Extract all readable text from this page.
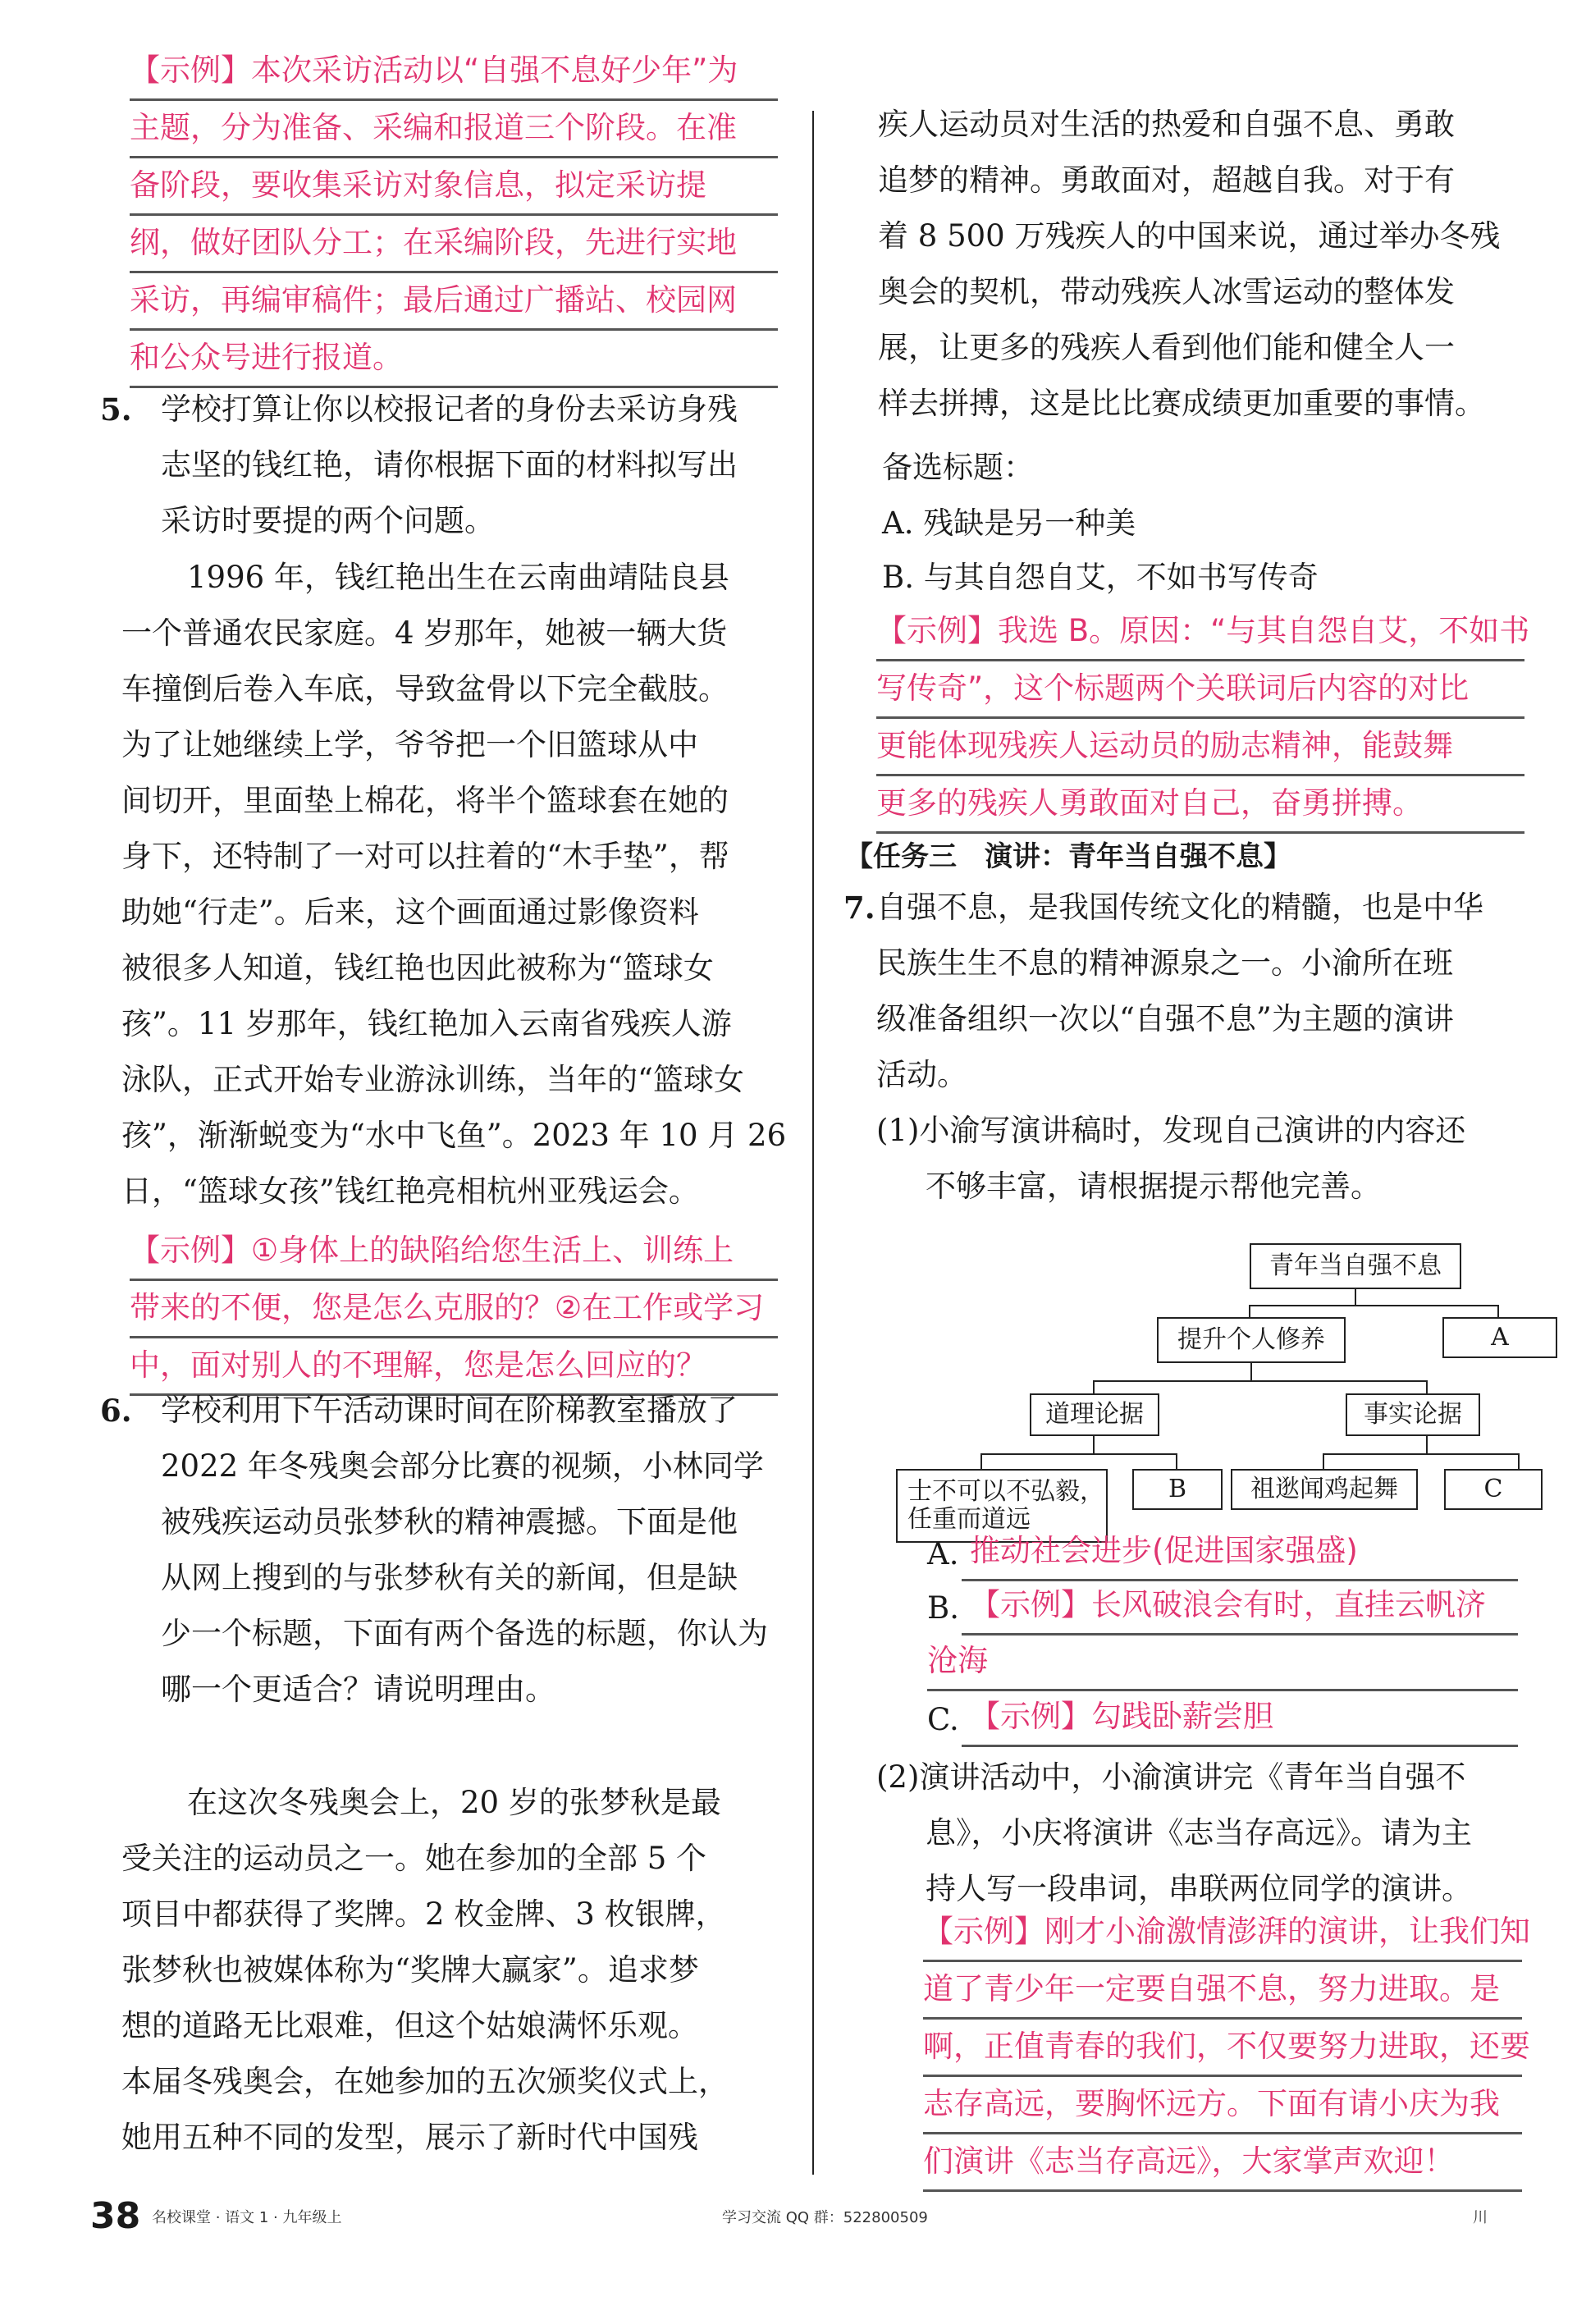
【示例】本次采访活动以“自强不息好少年”为
主题，分为准备、采编和报道三个阶段。在准
备阶段，要收集采访对象信息，拟定采访提
纲，做好团队分工；在采编阶段，先进行实地
采访，再编审稿件；最后通过广播站、校园网
和公众号进行报道。
学校打算让你以校报记者的身份去采访身残
志坚的钱红艳，请你根据下面的材料拟写出
采访时要提的两个问题。
1996 年，钱红艳出生在云南曲靖陆良县
一个普通农民家庭。4 岁那年，她被一辆大货
车撞倒后卷入车底，导致盆骨以下完全截肢。
为了让她继续上学，爷爷把一个旧篮球从中
间切开，里面垫上棉花，将半个篮球套在她的
身下，还特制了一对可以拄着的“木手垫”，帮
助她“行走”。后来，这个画面通过影像资料
被很多人知道，钱红艳也因此被称为“篮球女
孩”。11 岁那年，钱红艳加入云南省残疾人游
泳队，正式开始专业游泳训练，当年的“篮球女
孩”，渐渐蜕变为“水中飞鱼”。2023 年 10 月 26
日，“篮球女孩”钱红艳亮相杭州亚残运会。
【示例】①身体上的缺陷给您生活上、训练上
带来的不便，您是怎么克服的？②在工作或学习
中，面对别人的不理解，您是怎么回应的？
学校利用下午活动课时间在阶梯教室播放了
2022 年冬残奥会部分比赛的视频，小林同学
被残疾运动员张梦秋的精神震撼。下面是他
从网上搜到的与张梦秋有关的新闻，但是缺
少一个标题，下面有两个备选的标题，你认为
哪一个更适合？请说明理由。
在这次冬残奥会上，20 岁的张梦秋是最
受关注的运动员之一。她在参加的全部 5 个
项目中都获得了奖牌。2 枚金牌、3 枚银牌，
张梦秋也被媒体称为“奖牌大赢家”。追求梦
想的道路无比艰难，但这个姑娘满怀乐观。
本届冬残奥会，在她参加的五次颁奖仪式上，
她用五种不同的发型，展示了新时代中国残
疾人运动员对生活的热爱和自强不息、勇敢
追梦的精神。勇敢面对，超越自我。对于有
着 8 500 万残疾人的中国来说，通过举办冬残
奥会的契机，带动残疾人冰雪运动的整体发
展，让更多的残疾人看到他们能和健全人一
样去拼搏，这是比比赛成绩更加重要的事情。
备选标题：
A. 残缺是另一种美
B. 与其自怨自艾，不如书写传奇
【示例】我选 B。原因：“与其自怨自艾，不如书
写传奇”，这个标题两个关联词后内容的对比
更能体现残疾人运动员的励志精神，能鼓舞
更多的残疾人勇敢面对自己，奋勇拼搏。
【任务三　演讲：青年当自强不息】
自强不息，是我国传统文化的精髓，也是中华
民族生生不息的精神源泉之一。小渝所在班
级准备组织一次以“自强不息”为主题的演讲
活动。
(1)小渝写演讲稿时，发现自己演讲的内容还
不够丰富，请根据提示帮他完善。
青年当自强不息
提升个人修养	A
道理论据	事实论据
士不可以不弘毅，
任重而道远
B	祖逖闻鸡起舞	C
A. 推动社会进步(促进国家强盛)
B. 【示例】长风破浪会有时，直挂云帆济
沧海
C. 【示例】勾践卧薪尝胆
(2)演讲活动中，小渝演讲完《青年当自强不
息》，小庆将演讲《志当存高远》。请为主
持人写一段串词，串联两位同学的演讲。
【示例】刚才小渝激情澎湃的演讲，让我们知
道了青少年一定要自强不息，努力进取。是
啊，正值青春的我们，不仅要努力进取，还要
志存高远，要胸怀远方。下面有请小庆为我
们演讲《志当存高远》，大家掌声欢迎！
38 名校课堂 · 语文 1 · 九年级上	学习交流 QQ 群：522800509	川
5.
6.
7.
